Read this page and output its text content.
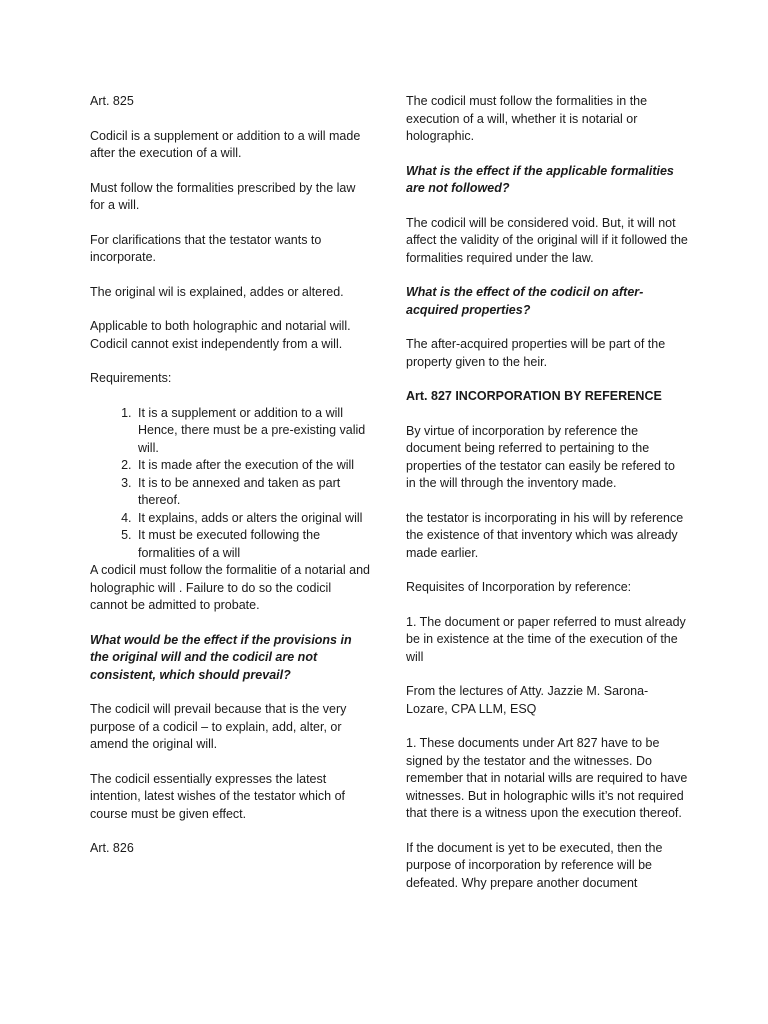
Art. 825

Codicil is a supplement or addition to a will made after the execution of a will.

Must follow the formalities prescribed by the law for a will.

For clarifications that the testator wants to incorporate.

The original wil is explained, addes or altered.

Applicable to both holographic and notarial will.

Codicil cannot exist independently from a will.

Requirements:

1. It is a supplement or addition to a will Hence, there must be a pre-existing valid will.
2. It is made after the execution of the will
3. It is to be annexed and taken as part thereof.
4. It explains, adds or alters the original will
5. It must be executed following the formalities of a will

A codicil must follow the formalitie of a notarial and holographic will . Failure to do so the codicil cannot be admitted to probate.

What would be the effect if the provisions in the original will and the codicil are not consistent, which should prevail?

The codicil will prevail because that is the very purpose of a codicil – to explain, add, alter, or amend the original will.

The codicil essentially expresses the latest intention, latest wishes of the testator which of course must be given effect.

Art. 826

The codicil must follow the formalities in the execution of a will, whether it is notarial or holographic.

What is the effect if the applicable formalities are not followed?

The codicil will be considered void. But, it will not affect the validity of the original will if it followed the formalities required under the law.

What is the effect of the codicil on after-acquired properties?

The after-acquired properties will be part of the property given to the heir.

Art. 827 INCORPORATION BY REFERENCE

By virtue of incorporation by reference the document being referred to pertaining to the properties of the testator can easily be refered to in the will through the inventory made.

the testator is incorporating in his will by reference the existence of that inventory which was already made earlier.

Requisites of Incorporation by reference:

1. The document or paper referred to must already be in existence at the time of the execution of the will

From the lectures of Atty. Jazzie M. Sarona-Lozare, CPA LLM, ESQ

1. These documents under Art 827 have to be signed by the testator and the witnesses. Do remember that in notarial wills are required to have witnesses. But in holographic wills it’s not required that there is a witness upon the execution thereof.

If the document is yet to be executed, then the purpose of incorporation by reference will be defeated. Why prepare another document
